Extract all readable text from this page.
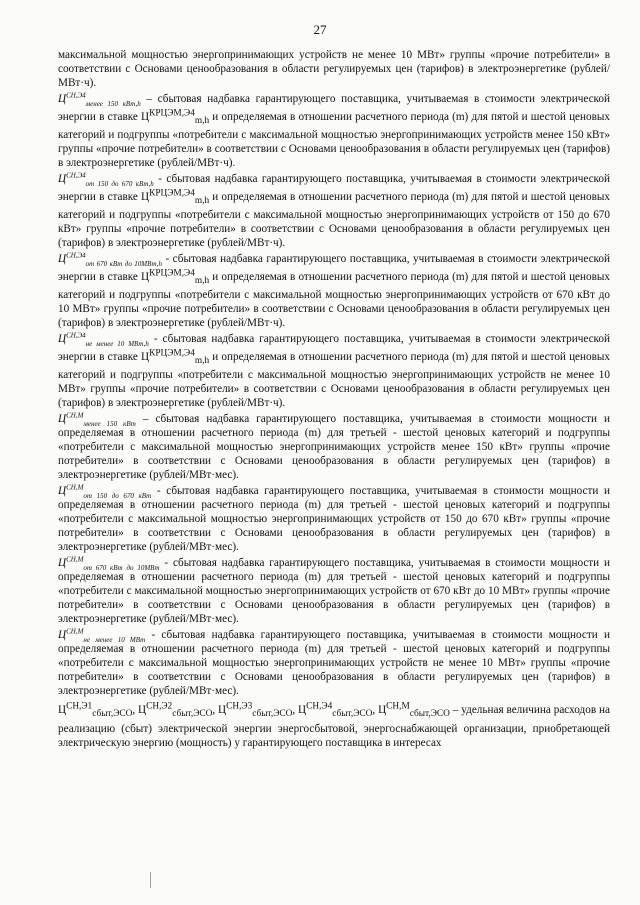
27

максимальной мощностью энергопринимающих устройств не менее 10 МВт» группы «прочие потребители» в соответствии с Основами ценообразования в области регулируемых цен (тарифов) в электроэнергетике (рублей/МВт·ч).

$Ц^{СН,Э4}_{менее 150 кВт,h}$ – сбытовая надбавка гарантирующего поставщика, учитываемая в стоимости электрической энергии в ставке $Ц^{КРЦЭМ,Э4}_{m,h}$ и определяемая в отношении расчетного периода (m) для пятой и шестой ценовых категорий и подгруппы «потребители с максимальной мощностью энергопринимающих устройств менее 150 кВт» группы «прочие потребители» в соответствии с Основами ценообразования в области регулируемых цен (тарифов) в электроэнергетике (рублей/МВт·ч).

$Ц^{СН,Э4}_{от 150 до 670 кВт,h}$ - сбытовая надбавка гарантирующего поставщика, учитываемая в стоимости электрической энергии в ставке $Ц^{КРЦЭМ,Э4}_{m,h}$ и определяемая в отношении расчетного периода (m) для пятой и шестой ценовых категорий и подгруппы «потребители с максимальной мощностью энергопринимающих устройств от 150 до 670 кВт» группы «прочие потребители» в соответствии с Основами ценообразования в области регулируемых цен (тарифов) в электроэнергетике (рублей/МВт·ч).

$Ц^{СН,Э4}_{от 670 кВт до 10МВт,h}$ - сбытовая надбавка гарантирующего поставщика, учитываемая в стоимости электрической энергии в ставке $Ц^{КРЦЭМ,Э4}_{m,h}$ и определяемая в отношении расчетного периода (m) для пятой и шестой ценовых категорий и подгруппы «потребители с максимальной мощностью энергопринимающих устройств от 670 кВт до 10 МВт» группы «прочие потребители» в соответствии с Основами ценообразования в области регулируемых цен (тарифов) в электроэнергетике (рублей/МВт·ч).

$Ц^{СН,Э4}_{не менее 10 МВт,h}$ - сбытовая надбавка гарантирующего поставщика, учитываемая в стоимости электрической энергии в ставке $Ц^{КРЦЭМ,Э4}_{m,h}$ и определяемая в отношении расчетного периода (m) для пятой и шестой ценовых категорий и подгруппы «потребители с максимальной мощностью энергопринимающих устройств не менее 10 МВт» группы «прочие потребители» в соответствии с Основами ценообразования в области регулируемых цен (тарифов) в электроэнергетике (рублей/МВт·ч).

$Ц^{СН,М}_{менее 150 кВт}$ – сбытовая надбавка гарантирующего поставщика, учитываемая в стоимости мощности и определяемая в отношении расчетного периода (m) для третьей - шестой ценовых категорий и подгруппы «потребители с максимальной мощностью энергопринимающих устройств менее 150 кВт» группы «прочие потребители» в соответствии с Основами ценообразования в области регулируемых цен (тарифов) в электроэнергетике (рублей/МВт·мес).

$Ц^{СН,М}_{от 150 до 670 кВт}$ - сбытовая надбавка гарантирующего поставщика, учитываемая в стоимости мощности и определяемая в отношении расчетного периода (m) для третьей - шестой ценовых категорий и подгруппы «потребители с максимальной мощностью энергопринимающих устройств от 150 до 670 кВт» группы «прочие потребители» в соответствии с Основами ценообразования в области регулируемых цен (тарифов) в электроэнергетике (рублей/МВт·мес).

$Ц^{СН,М}_{от 670 кВт до 10МВт}$ - сбытовая надбавка гарантирующего поставщика, учитываемая в стоимости мощности и определяемая в отношении расчетного периода (m) для третьей - шестой ценовых категорий и подгруппы «потребители с максимальной мощностью энергопринимающих устройств от 670 кВт до 10 МВт» группы «прочие потребители» в соответствии с Основами ценообразования в области регулируемых цен (тарифов) в электроэнергетике (рублей/МВт·мес).

$Ц^{СН,М}_{не менее 10 МВт}$ - сбытовая надбавка гарантирующего поставщика, учитываемая в стоимости мощности и определяемая в отношении расчетного периода (m) для третьей - шестой ценовых категорий и подгруппы «потребители с максимальной мощностью энергопринимающих устройств не менее 10 МВт» группы «прочие потребители» в соответствии с Основами ценообразования в области регулируемых цен (тарифов) в электроэнергетике (рублей/МВт·мес).

$Ц^{СН,Э1}_{сбыт,ЭСО}$, $Ц^{СН,Э2}_{сбыт,ЭСО}$, $Ц^{СН,Э3}_{сбыт,ЭСО}$, $Ц^{СН,Э4}_{сбыт,ЭСО}$, $Ц^{СН,М}_{сбыт,ЭСО}$ – удельная величина расходов на реализацию (сбыт) электрической энергии энергосбытовой, энергоснабжающей организации, приобретающей электрическую энергию (мощность) у гарантирующего поставщика в интересах
